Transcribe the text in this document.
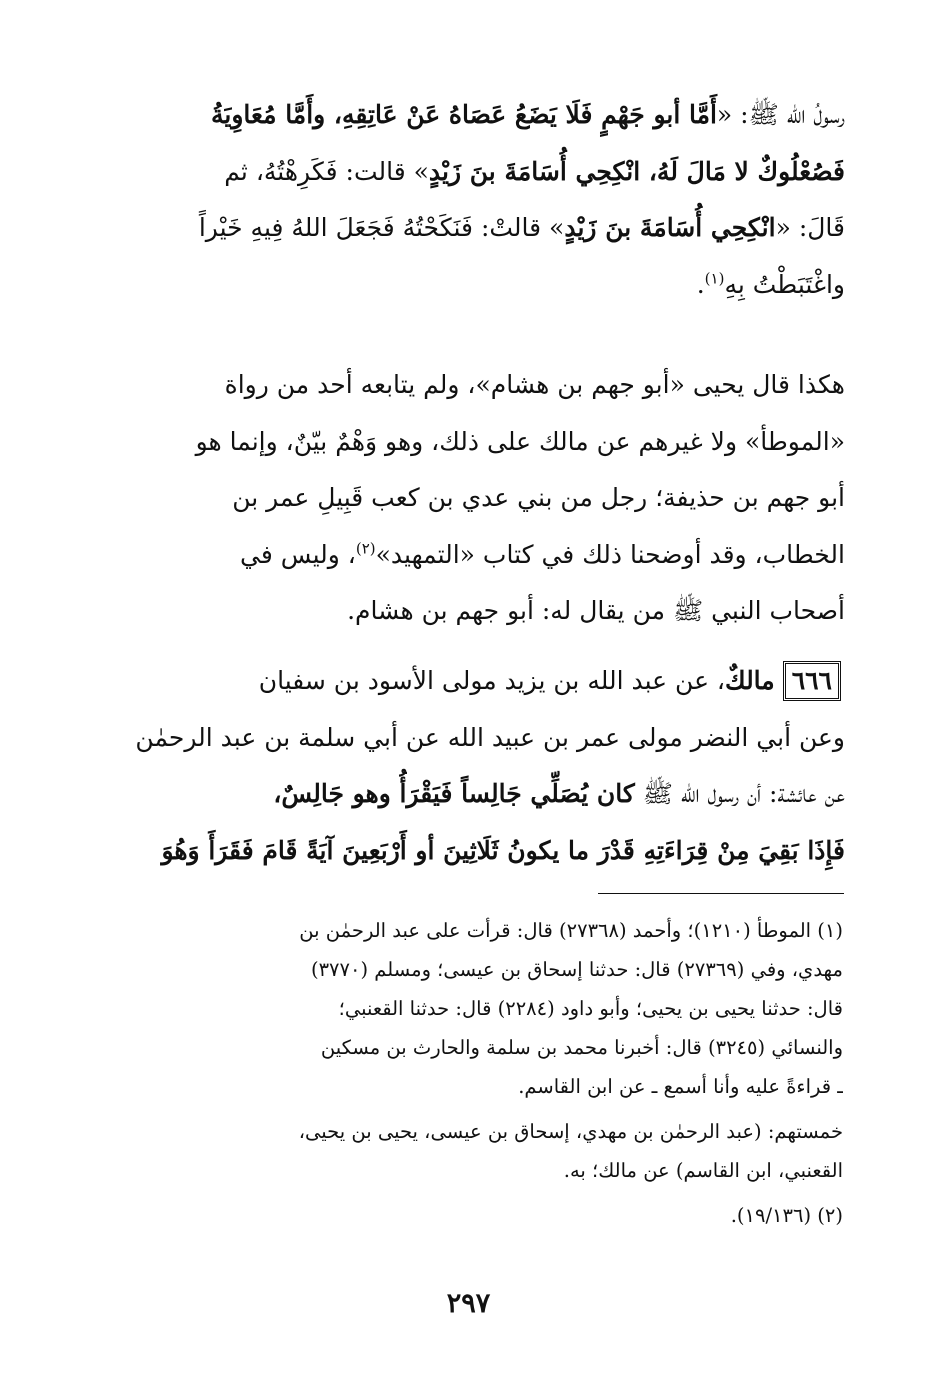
رسولُ الله ﷺ: «أَمَّا أبو جَهْمٍ فَلَا يَضَعُ عَصَاهُ عَنْ عَاتِقِهِ، وأَمَّا مُعَاوِيَةُ
فَصُعْلُوكٌ لا مَالَ لَهُ، انْكِحِي أُسَامَةَ بنَ زَيْدٍ» قالت: فَكَرِهْتُهُ، ثم
قَالَ: «انْكِحِي أُسَامَةَ بنَ زَيْدٍ» قالتْ: فَنَكَحْتُهُ فَجَعَلَ اللهُ فِيهِ خَيْراً
واغْتَبَطْتُ بِهِ$^{(١)}$.
هكذا قال يحيى «أبو جهم بن هشام»، ولم يتابعه أحد من رواة
«الموطأ» ولا غيرهم عن مالك على ذلك، وهو وَهْمٌ بيّنٌ، وإنما هو
أبو جهم بن حذيفة؛ رجل من بني عدي بن كعب قَبِيلِ عمر بن
الخطاب، وقد أوضحنا ذلك في كتاب «التمهيد»$^{(٢)}$، وليس في
أصحاب النبي ﷺ من يقال له: أبو جهم بن هشام.
٦٦٦مالكٌ، عن عبد الله بن يزيد مولى الأسود بن سفيان
وعن أبي النضر مولى عمر بن عبيد الله عن أبي سلمة بن عبد الرحمٰن
عن عائشة: أن رسول الله ﷺ كان يُصَلِّي جَالِساً فَيَقْرَأُ وهو جَالِسٌ،
فَإِذَا بَقِيَ مِنْ قِرَاءَتِهِ قَدْرَ ما يكونُ ثَلَاثِينَ أو أَرْبَعِينَ آيَةً قَامَ فَقَرَأَ وَهُوَ
(١) الموطأ (١٢١٠)؛ وأحمد (٢٧٣٦٨) قال: قرأت على عبد الرحمٰن بن
مهدي، وفي (٢٧٣٦٩) قال: حدثنا إسحاق بن عيسى؛ ومسلم (٣٧٧٠)
قال: حدثنا يحيى بن يحيى؛ وأبو داود (٢٢٨٤) قال: حدثنا القعنبي؛
والنسائي (٣٢٤٥) قال: أخبرنا محمد بن سلمة والحارث بن مسكين
ـ قراءةً عليه وأنا أسمع ـ عن ابن القاسم.
خمستهم: (عبد الرحمٰن بن مهدي، إسحاق بن عيسى، يحيى بن يحيى،
القعنبي، ابن القاسم) عن مالك؛ به.
(٢) (١٩/١٣٦).
٢٩٧
